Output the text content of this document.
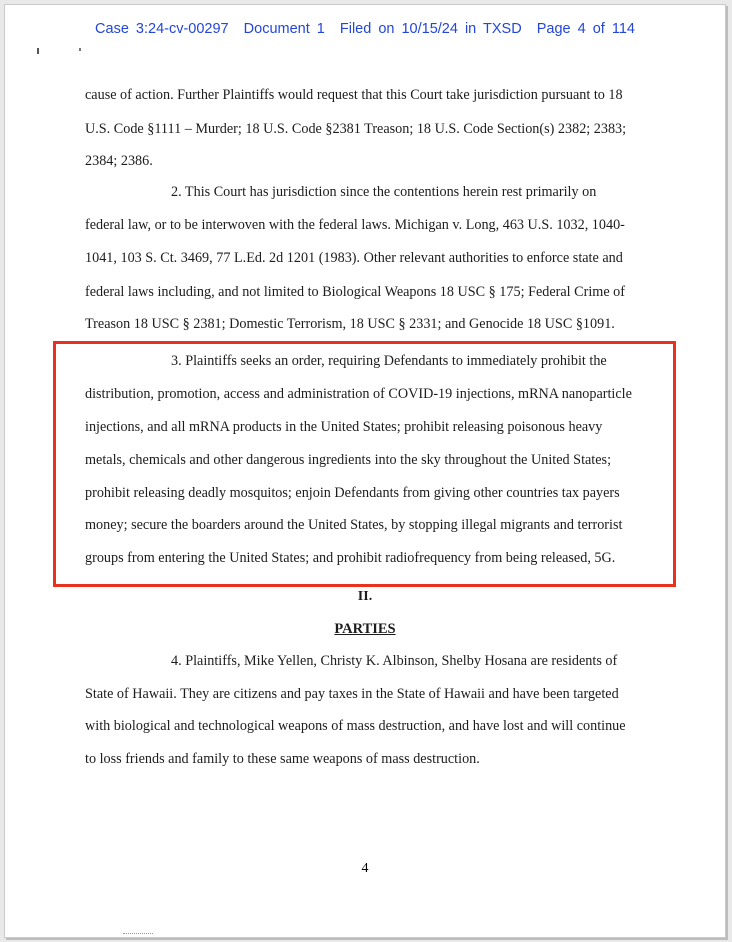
Case 3:24-cv-00297 Document 1 Filed on 10/15/24 in TXSD Page 4 of 114
cause of action. Further Plaintiffs would request that this Court take jurisdiction pursuant to 18
U.S. Code §1111 – Murder; 18 U.S. Code §2381 Treason; 18 U.S. Code Section(s) 2382; 2383;
2384; 2386.
2. This Court has jurisdiction since the contentions herein rest primarily on
federal law, or to be interwoven with the federal laws. Michigan v. Long, 463 U.S. 1032, 1040-
1041, 103 S. Ct. 3469, 77 L.Ed. 2d 1201 (1983). Other relevant authorities to enforce state and
federal laws including, and not limited to Biological Weapons 18 USC § 175; Federal Crime of
Treason 18 USC § 2381; Domestic Terrorism, 18 USC § 2331; and Genocide 18 USC §1091.
3. Plaintiffs seeks an order, requiring Defendants to immediately prohibit the
distribution, promotion, access and administration of COVID-19 injections, mRNA nanoparticle
injections, and all mRNA products in the United States; prohibit releasing poisonous heavy
metals, chemicals and other dangerous ingredients into the sky throughout the United States;
prohibit releasing deadly mosquitos; enjoin Defendants from giving other countries tax payers
money; secure the boarders around the United States, by stopping illegal migrants and terrorist
groups from entering the United States; and prohibit radiofrequency from being released, 5G.
II.
PARTIES
4. Plaintiffs, Mike Yellen, Christy K. Albinson, Shelby Hosana are residents of
State of Hawaii. They are citizens and pay taxes in the State of Hawaii and have been targeted
with biological and technological weapons of mass destruction, and have lost and will continue
to loss friends and family to these same weapons of mass destruction.
4
